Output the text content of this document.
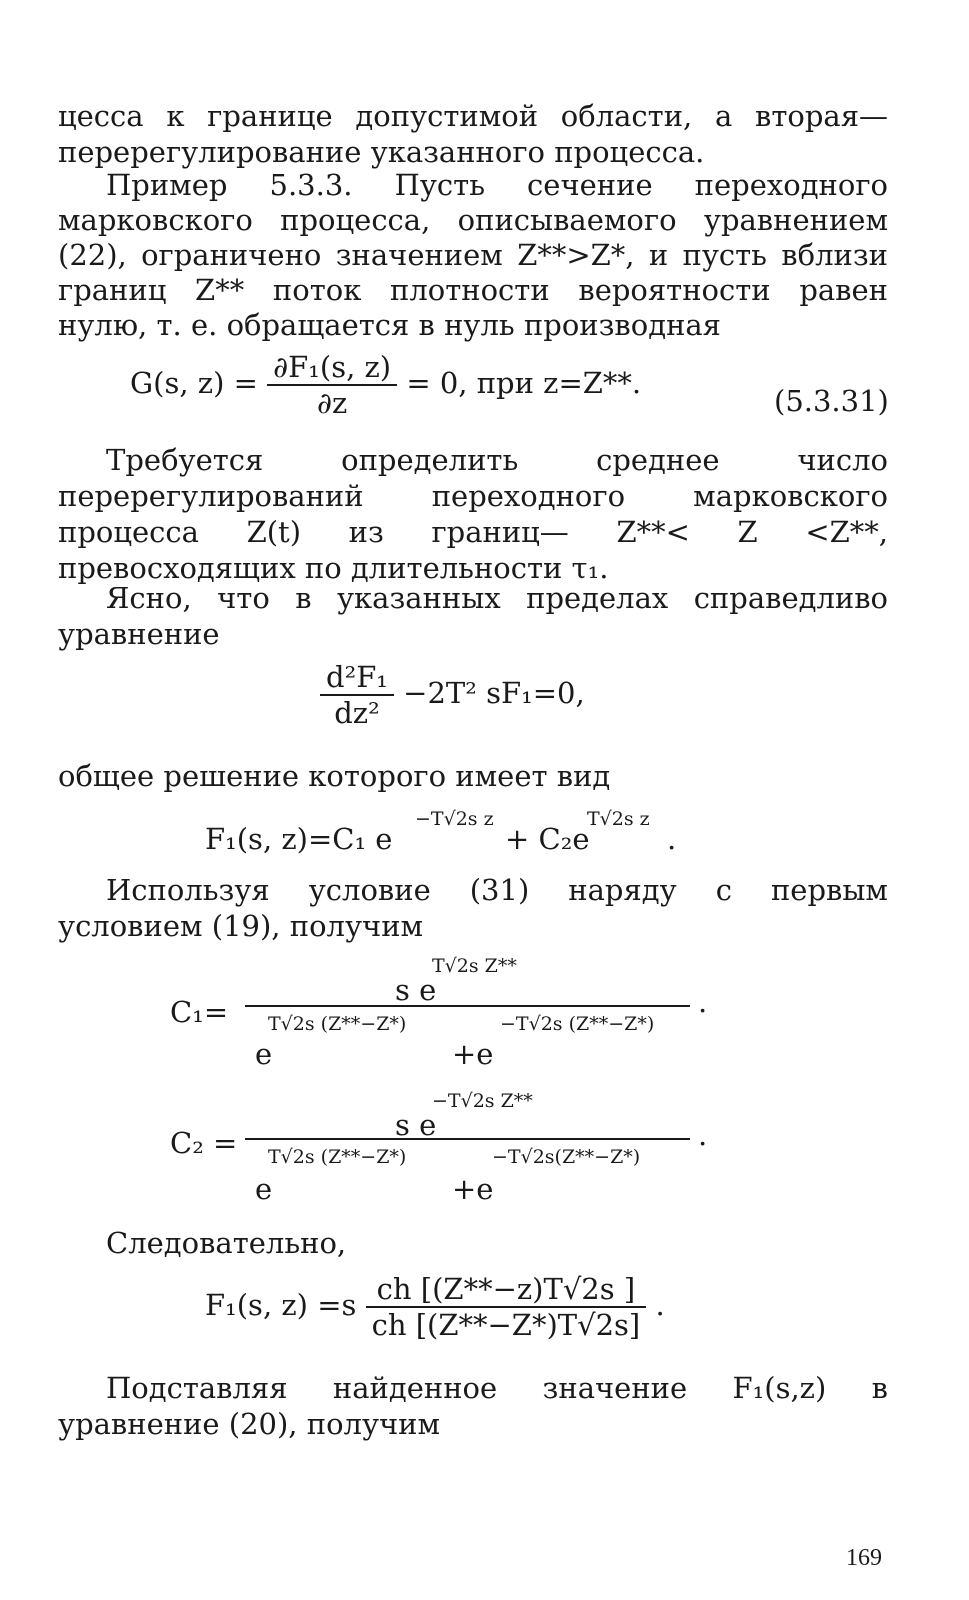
цесса к границе допустимой области, а вторая—перерегулирование указанного процесса.

Пример 5.3.3. Пусть сечение переходного марковского процесса, описываемого уравнением (22), ограничено значением Z**>Z*, и пусть вблизи границ Z** поток плотности вероятности равен нулю, т. е. обращается в нуль производная

G(s, $z) = \frac{\text{∂F₁(s, z)}}{\partial z} = 0$, при z=Z**.
(5.3.31)

Требуется определить среднее число перерегулирований переходного марковского процесса Z(t) из границ— Z**< Z <Z**, превосходящих по длительности τ₁.

Ясно, что в указанных пределах справедливо уравнение

$\frac{\text{d²F₁}}{\text{dz²}} -2T^2$ sF₁=0,

общее решение которого имеет вид

F₁(s, z)=C₁ e
−T√2s z
+ C₂e
T√2s z
.

Используя условие (31) наряду с первым условием (19), получим

C₁=
s e
T√2s Z**
T√2s (Z**−Z*)	−T√2s (Z**−Z*)
e	+e
.
C₂ =
s e
−T√2s Z**
T√2s (Z**−Z*)	−T√2s(Z**−Z*)
e	+e
.

Следовательно,

F₁(s, $z) =s \frac{ch [(Z**-z)T√2s ]}{ch [(Z**-Z*)T√2s]}$ .

Подставляя найденное значение F₁(s,z) в уравнение (20), получим

169
